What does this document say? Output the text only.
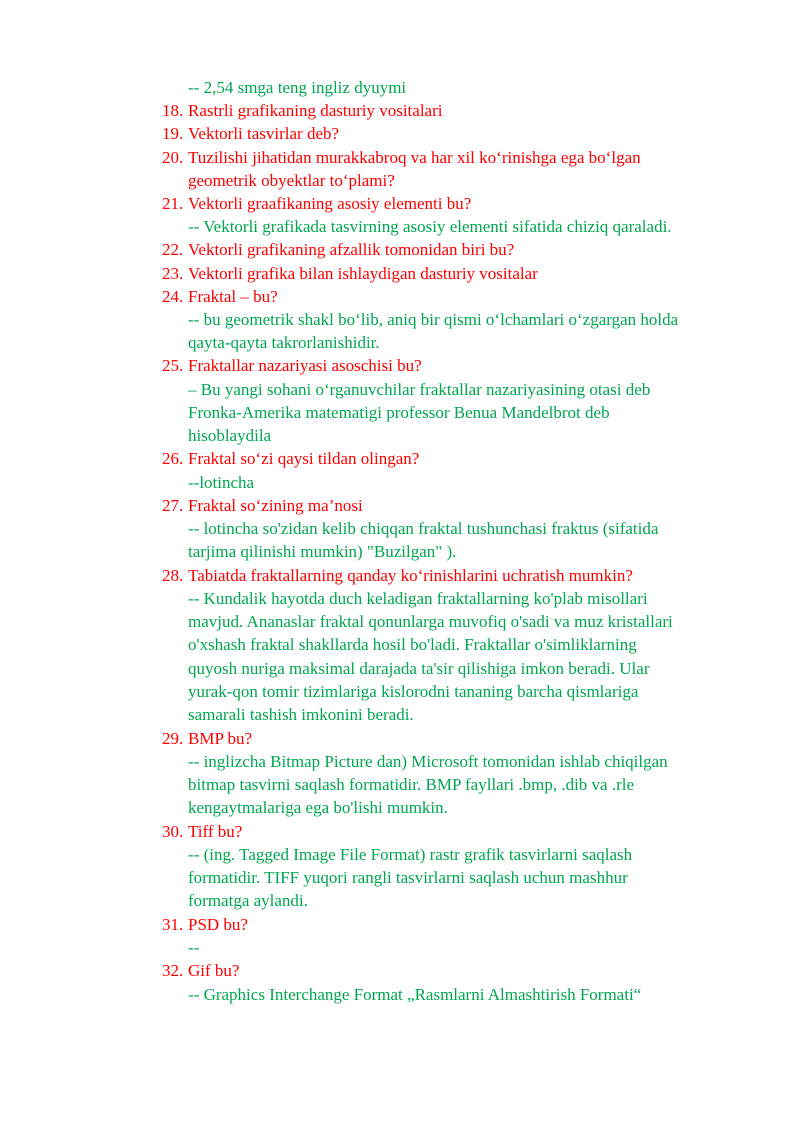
-- 2,54 smga teng ingliz dyuymi
18. Rastrli grafikaning dasturiy vositalari
19. Vektorli tasvirlar deb?
20. Tuzilishi jihatidan murakkabroq va har xil ko‘rinishga ega bo‘lgan
geometrik obyektlar to‘plami?
21. Vektorli graafikaning asosiy elementi bu?
-- Vektorli grafikada tasvirning asosiy elementi sifatida chiziq qaraladi.
22. Vektorli grafikaning afzallik tomonidan biri bu?
23. Vektorli grafika bilan ishlaydigan dasturiy vositalar
24. Fraktal – bu?
-- bu geometrik shakl bo‘lib, aniq bir qismi o‘lchamlari o‘zgargan holda
qayta-qayta takrorlanishidir.
25. Fraktallar nazariyasi asoschisi bu?
– Bu yangi sohani o‘rganuvchilar fraktallar nazariyasining otasi deb
Fronka-Amerika matematigi professor Benua Mandelbrot deb
hisoblaydila
26. Fraktal so‘zi qaysi tildan olingan?
--lotincha
27. Fraktal so‘zining ma’nosi
-- lotincha so'zidan kelib chiqqan fraktal tushunchasi fraktus (sifatida
tarjima qilinishi mumkin) "Buzilgan" ).
28. Tabiatda fraktallarning qanday ko‘rinishlarini uchratish mumkin?
-- Kundalik hayotda duch keladigan fraktallarning ko'plab misollari
mavjud. Ananaslar fraktal qonunlarga muvofiq o'sadi va muz kristallari
o'xshash fraktal shakllarda hosil bo'ladi. Fraktallar o'simliklarning
quyosh nuriga maksimal darajada ta'sir qilishiga imkon beradi. Ular
yurak-qon tomir tizimlariga kislorodni tananing barcha qismlariga
samarali tashish imkonini beradi.
29. BMP bu?
-- inglizcha Bitmap Picture dan) Microsoft tomonidan ishlab chiqilgan
bitmap tasvirni saqlash formatidir. BMP fayllari .bmp, .dib va .rle
kengaytmalariga ega bo'lishi mumkin.
30. Tiff bu?
-- (ing. Tagged Image File Format) rastr grafik tasvirlarni saqlash
formatidir. TIFF yuqori rangli tasvirlarni saqlash uchun mashhur
formatga aylandi.
31. PSD bu?
--
32. Gif bu?
-- Graphics Interchange Format „Rasmlarni Almashtirish Formati“
